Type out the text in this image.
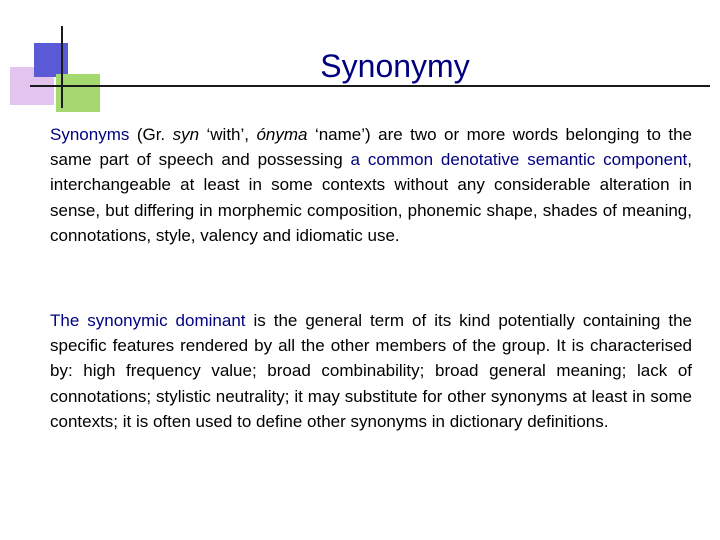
Synonymy

Synonyms (Gr. syn ‘with’, ónyma ‘name’) are two or more words belonging to the same part of speech and possessing a common denotative semantic component, interchangeable at least in some contexts without any considerable alteration in sense, but differing in morphemic composition, phonemic shape, shades of meaning, connotations, style, valency and idiomatic use.

The synonymic dominant is the general term of its kind potentially containing the specific features rendered by all the other members of the group. It is characterised by: high frequency value; broad combinability; broad general meaning; lack of connotations; stylistic neutrality; it may substitute for other synonyms at least in some contexts; it is often used to define other synonyms in dictionary definitions.
